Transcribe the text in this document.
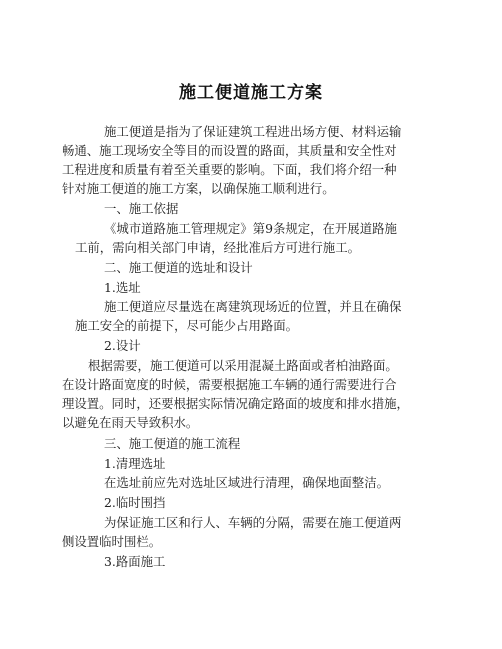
施工便道施工方案
施工便道是指为了保证建筑工程进出场方便、材料运输
畅通、施工现场安全等目的而设置的路面，其质量和安全性对
工程进度和质量有着至关重要的影响。下面，我们将介绍一种
针对施工便道的施工方案，以确保施工顺利进行。
一、施工依据
《城市道路施工管理规定》第9条规定，在开展道路施
工前，需向相关部门申请，经批准后方可进行施工。
二、施工便道的选址和设计
1.选址
施工便道应尽量选在离建筑现场近的位置，并且在确保
施工安全的前提下，尽可能少占用路面。
2.设计
根据需要，施工便道可以采用混凝土路面或者柏油路面。
在设计路面宽度的时候，需要根据施工车辆的通行需要进行合
理设置。同时，还要根据实际情况确定路面的坡度和排水措施，
以避免在雨天导致积水。
三、施工便道的施工流程
1.清理选址
在选址前应先对选址区域进行清理，确保地面整洁。
2.临时围挡
为保证施工区和行人、车辆的分隔，需要在施工便道两
侧设置临时围栏。
3.路面施工
